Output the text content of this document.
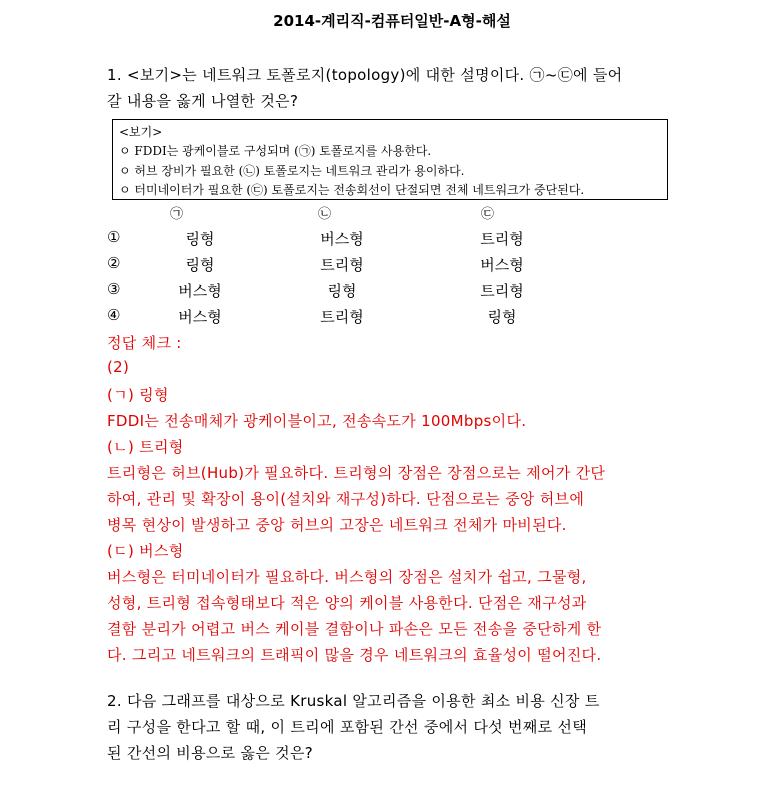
2014-계리직-컴퓨터일반-A형-해설
1. <보기>는 네트워크 토폴로지(topology)에 대한 설명이다. ㉠~㉢에 들어
갈 내용을 옳게 나열한 것은?
<보기>
ㅇ FDDI는 광케이블로 구성되며 (㉠) 토폴로지를 사용한다.
ㅇ 허브 장비가 필요한 (㉡) 토폴로지는 네트워크 관리가 용이하다.
ㅇ 터미네이터가 필요한 (㉢) 토폴로지는 전송회선이 단절되면 전체 네트워크가 중단된다.
㉠	㉡	㉢
①	링형	버스형	트리형
②	링형	트리형	버스형
③	버스형	링형	트리형
④	버스형	트리형	링형
정답 체크 :
(2)
(ㄱ) 링형
FDDI는 전송매체가 광케이블이고, 전송속도가 100Mbps이다.
(ㄴ) 트리형
트리형은 허브(Hub)가 필요하다. 트리형의 장점은 장점으로는 제어가 간단
하여, 관리 및 확장이 용이(설치와 재구성)하다. 단점으로는 중앙 허브에
병목 현상이 발생하고 중앙 허브의 고장은 네트워크 전체가 마비된다.
(ㄷ) 버스형
버스형은 터미네이터가 필요하다. 버스형의 장점은 설치가 쉽고, 그물형,
성형, 트리형 접속형태보다 적은 양의 케이블 사용한다. 단점은 재구성과
결함 분리가 어렵고 버스 케이블 결함이나 파손은 모든 전송을 중단하게 한
다. 그리고 네트워크의 트래픽이 많을 경우 네트워크의 효율성이 떨어진다.
2. 다음 그래프를 대상으로 Kruskal 알고리즘을 이용한 최소 비용 신장 트
리 구성을 한다고 할 때, 이 트리에 포함된 간선 중에서 다섯 번째로 선택
된 간선의 비용으로 옳은 것은?
